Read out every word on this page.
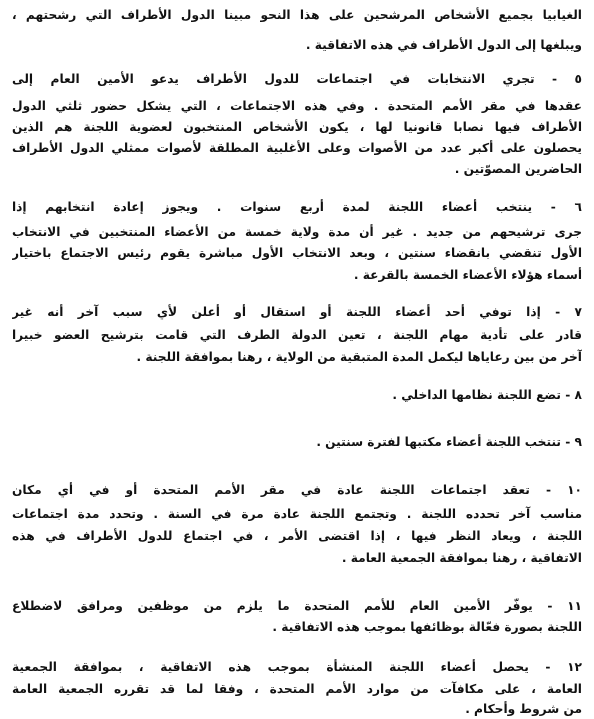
الغيابيا بجميع الأشخاص المرشحين على هذا النحو مبينا الدول الأطراف التي رشحتهم ،
ويبلغها إلى الدول الأطراف في هذه الاتفاقية .
٥ - تجري الانتخابات في اجتماعات للدول الأطراف يدعو الأمين العام إلى
عقدها في مقر الأمم المتحدة . وفي هذه الاجتماعات ، التي يشكل حضور ثلثي الدول
الأطراف فيها نصابا قانونيا لها ، يكون الأشخاص المنتخبون لعضوية اللجنة هم الذين
يحصلون على أكبر عدد من الأصوات وعلى الأغلبية المطلقة لأصوات ممثلي الدول الأطراف
الحاضرين المصوّتين .
٦ - ينتخب أعضاء اللجنة لمدة أربع سنوات . ويجوز إعادة انتخابهم إذا
جرى ترشيحهم من جديد . غير أن مدة ولاية خمسة من الأعضاء المنتخبين في الانتخاب
الأول تنقضي بانقضاء سنتين ، وبعد الانتخاب الأول مباشرة يقوم رئيس الاجتماع باختيار
أسماء هؤلاء الأعضاء الخمسة بالقرعة .
٧ - إذا توفي أحد أعضاء اللجنة أو استقال أو أعلن لأي سبب آخر أنه غير
قادر على تأدية مهام اللجنة ، تعين الدولة الطرف التي قامت بترشيح العضو خبيرا
آخر من بين رعاياها ليكمل المدة المتبقية من الولاية ، رهنا بموافقة اللجنة .
٨ - تضع اللجنة نظامها الداخلي .
٩ - تنتخب اللجنة أعضاء مكتبها لفترة سنتين .
١٠ - تعقد اجتماعات اللجنة عادة في مقر الأمم المتحدة أو في أي مكان
مناسب آخر تحدده اللجنة . وتجتمع اللجنة عادة مرة في السنة . وتحدد مدة اجتماعات
اللجنة ، ويعاد النظر فيها ، إذا اقتضى الأمر ، في اجتماع للدول الأطراف في هذه
الاتفاقية ، رهنا بموافقة الجمعية العامة .
١١ - يوفّر الأمين العام للأمم المتحدة ما يلزم من موظفين ومرافق لاضطلاع
اللجنة بصورة فعّالة بوظائفها بموجب هذه الاتفاقية .
١٢ - يحصل أعضاء اللجنة المنشأة بموجب هذه الاتفاقية ، بموافقة الجمعية
العامة ، على مكافآت من موارد الأمم المتحدة ، وفقا لما قد تقرره الجمعية العامة
من شروط وأحكام .
